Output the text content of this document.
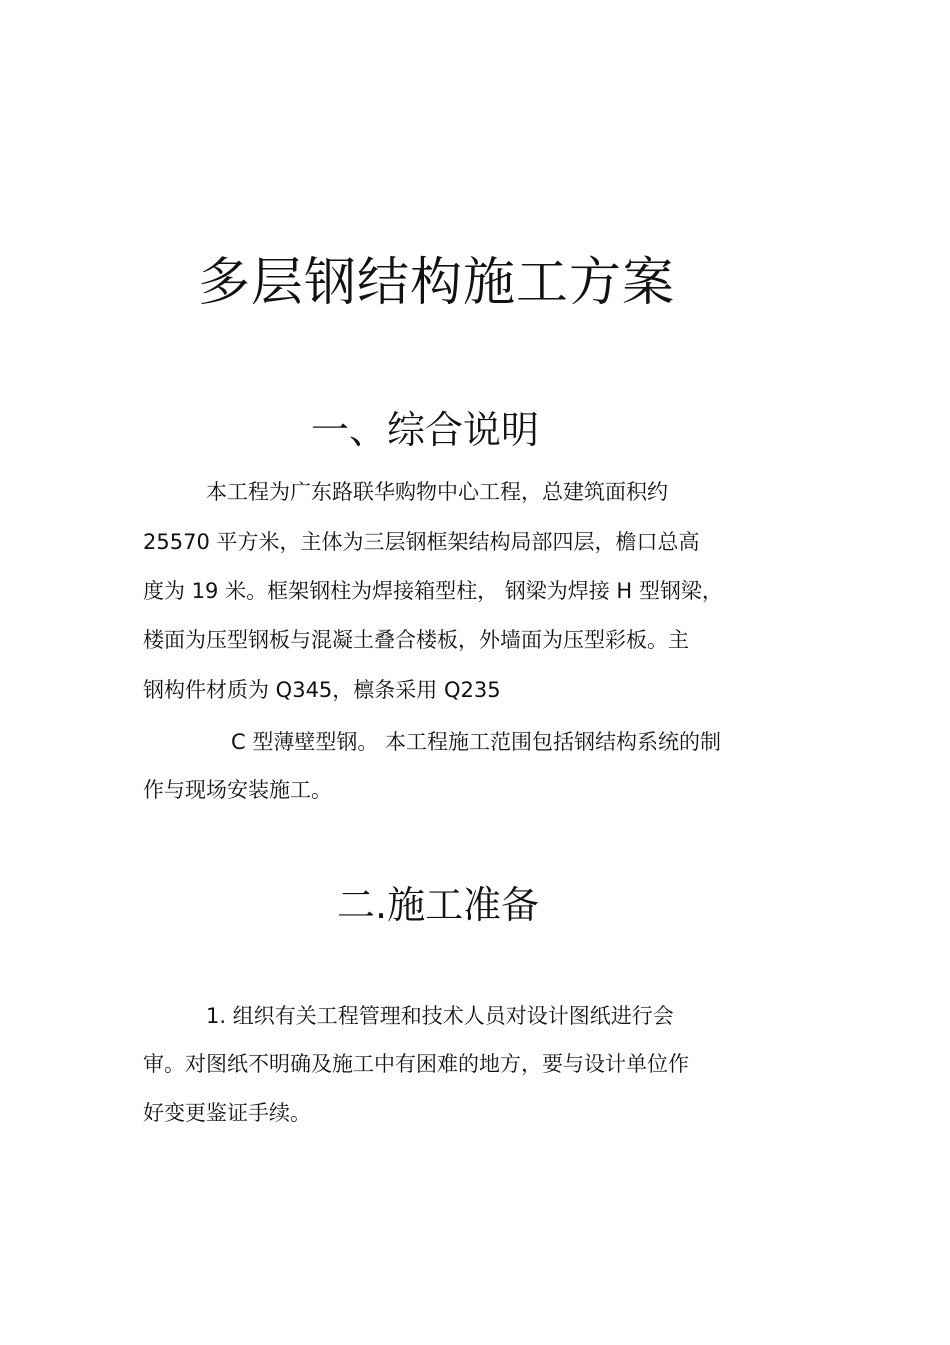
多层钢结构施工方案
一、综合说明
本工程为广东路联华购物中心工程，总建筑面积约
25570 平方米，主体为三层钢框架结构局部四层，檐口总高
度为 19 米。框架钢柱为焊接箱型柱， 钢梁为焊接 H 型钢梁，
楼面为压型钢板与混凝土叠合楼板，外墙面为压型彩板。主
钢构件材质为 Q345，檩条采用 Q235
C 型薄壁型钢。 本工程施工范围包括钢结构系统的制
作与现场安装施工。
二.施工准备
1. 组织有关工程管理和技术人员对设计图纸进行会
审。对图纸不明确及施工中有困难的地方，要与设计单位作
好变更鉴证手续。
